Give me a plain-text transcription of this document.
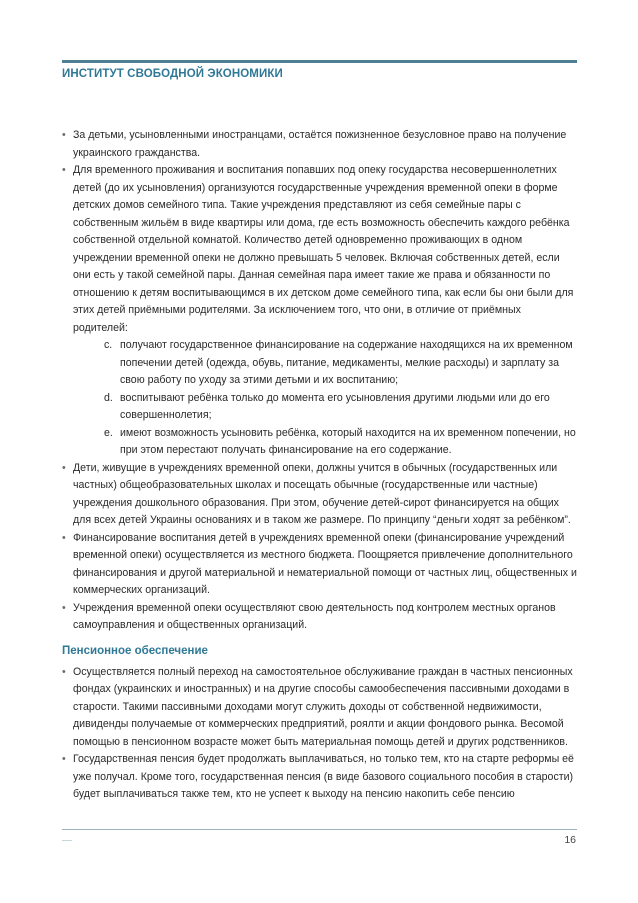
ИНСТИТУТ СВОБОДНОЙ ЭКОНОМИКИ
• За детьми, усыновленными иностранцами, остаётся пожизненное безусловное право на получение украинского гражданства.
• Для временного проживания и воспитания попавших под опеку государства несовершеннолетних детей (до их усыновления) организуются государственные учреждения временной опеки в форме детских домов семейного типа. Такие учреждения представляют из себя семейные пары с собственным жильём в виде квартиры или дома, где есть возможность обеспечить каждого ребёнка собственной отдельной комнатой. Количество детей одновременно проживающих в одном учреждении временной опеки не должно превышать 5 человек. Включая собственных детей, если они есть у такой семейной пары. Данная семейная пара имеет такие же права и обязанности по отношению к детям воспитывающимся в их детском доме семейного типа, как если бы они были для этих детей приёмными родителями. За исключением того, что они, в отличие от приёмных родителей:
c. получают государственное финансирование на содержание находящихся на их временном попечении детей (одежда, обувь, питание, медикаменты, мелкие расходы) и зарплату за свою работу по уходу за этими детьми и их воспитанию;
d. воспитывают ребёнка только до момента его усыновления другими людьми или до его совершеннолетия;
e. имеют возможность усыновить ребёнка, который находится на их временном попечении, но при этом перестают получать финансирование на его содержание.
• Дети, живущие в учреждениях временной опеки, должны учится в обычных (государственных или частных) общеобразовательных школах и посещать обычные (государственные или частные) учреждения дошкольного образования. При этом, обучение детей-сирот финансируется на общих для всех детей Украины основаниях и в таком же размере. По принципу “деньги ходят за ребёнком”.
• Финансирование воспитания детей в учреждениях временной опеки (финансирование учреждений временной опеки) осуществляется из местного бюджета. Поощряется привлечение дополнительного финансирования и другой материальной и нематериальной помощи от частных лиц, общественных и коммерческих организаций.
• Учреждения временной опеки осуществляют свою деятельность под контролем местных органов самоуправления и общественных организаций.
Пенсионное обеспечение
• Осуществляется полный переход на самостоятельное обслуживание граждан в частных пенсионных фондах (украинских и иностранных) и на другие способы самообеспечения пассивными доходами в старости. Такими пассивными доходами могут служить доходы от собственной недвижимости, дивиденды получаемые от коммерческих предприятий, роялти и акции фондового рынка. Весомой помощью в пенсионном возрасте может быть материальная помощь детей и других родственников.
• Государственная пенсия будет продолжать выплачиваться, но только тем, кто на старте реформы её уже получал. Кроме того, государственная пенсия (в виде базового социального пособия в старости) будет выплачиваться также тем, кто не успеет к выходу на пенсию накопить себе пенсию
16
